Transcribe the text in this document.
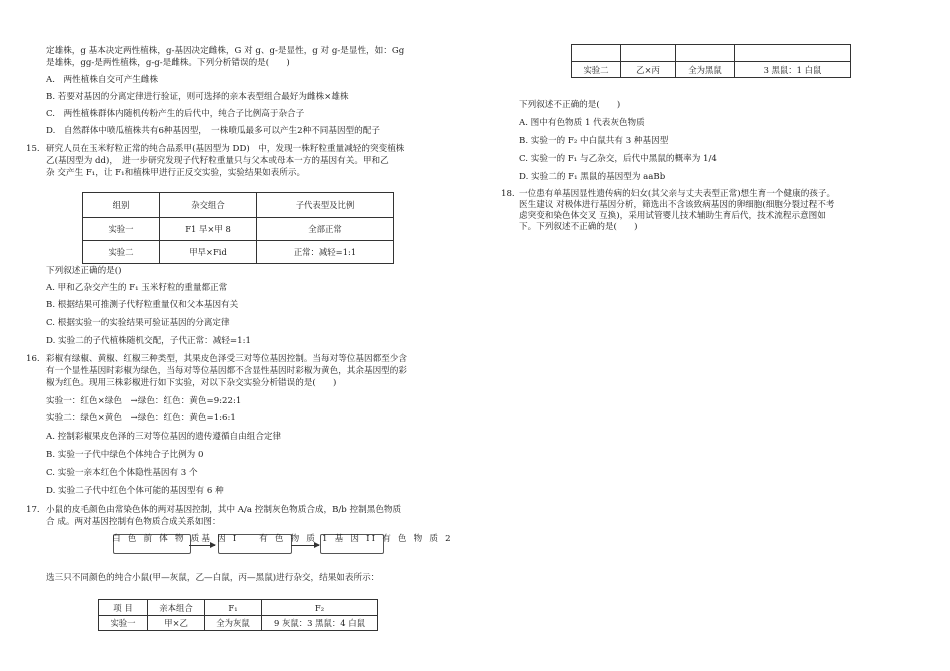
定雄株，g 基本决定两性植株，g-基因决定雌株，G 对 g、g-是显性，g 对 g-是显性，如：Gg
是雄株，gg-是两性植株，g-g-是雌株。下列分析错误的是(　　)
A.　两性植株自交可产生雌株
B. 若要对基因的分离定律进行验证，则可选择的亲本表型组合最好为雌株×雄株
C.　两性植株群体内随机传粉产生的后代中，纯合子比例高于杂合子
D.　自然群体中喷瓜植株共有6种基因型，　一株喷瓜最多可以产生2种不同基因型的配子
15. 研究人员在玉米籽粒正常的纯合品系甲(基因型为 DD)　中，发现一株籽粒重量减轻的突变植株
乙(基因型为 dd)，　进一步研究发现子代籽粒重量只与父本或母本一方的基因有关。甲和乙
杂 交产生 F₁，让 F₁和植株甲进行正反交实验，实验结果如表所示。
组别	杂交组合	子代表型及比例
实验一	F1 早×甲 8	全部正常
实验二	甲早×Fid	正常：减轻=1:1
下列叙述正确的是()
A. 甲和乙杂交产生的 F₁ 玉米籽粒的重量都正常
B. 根据结果可推测子代籽粒重量仅和父本基因有关
C. 根据实验一的实验结果可验证基因的分离定律
D. 实验二的子代植株随机交配，子代正常：减轻=1:1
16. 彩椒有绿椒、黄椒、红椒三种类型，其果皮色泽受三对等位基因控制。当每对等位基因都至少含
有一个显性基因时彩椒为绿色，当每对等位基因都不含显性基因时彩椒为黄色，其余基因型的彩
椒为红色。现用三株彩椒进行如下实验，对以下杂交实验分析错误的是(　　)
实验一：红色×绿色　→绿色：红色：黄色=9:22:1
实验二：绿色×黄色　→绿色：红色：黄色=1:6:1
A. 控制彩椒果皮色泽的三对等位基因的遗传遵循自由组合定律
B. 实验一子代中绿色个体纯合子比例为 0
C. 实验一亲本红色个体隐性基因有 3 个
D. 实验二子代中红色个体可能的基因型有 6 种
17. 小鼠的皮毛颜色由常染色体的两对基因控制，其中 A/a 控制灰色物质合成，B/b 控制黑色物质
合 成。两对基因控制有色物质合成关系如图：
白 色 前 体 物 质基 因 I 　 有 色 物 质 1 基 因 II 有 色 物 质 2
选三只不同颜色的纯合小鼠(甲—灰鼠，乙—白鼠，丙—黑鼠)进行杂交，结果如表所示：
项 目	亲本组合	F₁	F₂
实验一	甲×乙	全为灰鼠	9 灰鼠：3 黑鼠：4 白鼠

实验二	乙×丙	全为黑鼠	3 黑鼠：1 白鼠
下列叙述不正确的是(　　)
A. 图中有色物质 1 代表灰色物质
B. 实验一的 F₂ 中白鼠共有 3 种基因型
C. 实验一的 F₁ 与乙杂交，后代中黑鼠的概率为 1/4
D. 实验二的 F₁ 黑鼠的基因型为 aaBb
18. 一位患有单基因显性遗传病的妇女(其父亲与丈夫表型正常)想生育一个健康的孩子。
医生建议 对极体进行基因分析，筛选出不含该致病基因的卵细胞(细胞分裂过程不考
虑突变和染色体交叉 互换)，采用试管婴儿技术辅助生育后代，技术流程示意图如
下。下列叙述不正确的是(　　)
